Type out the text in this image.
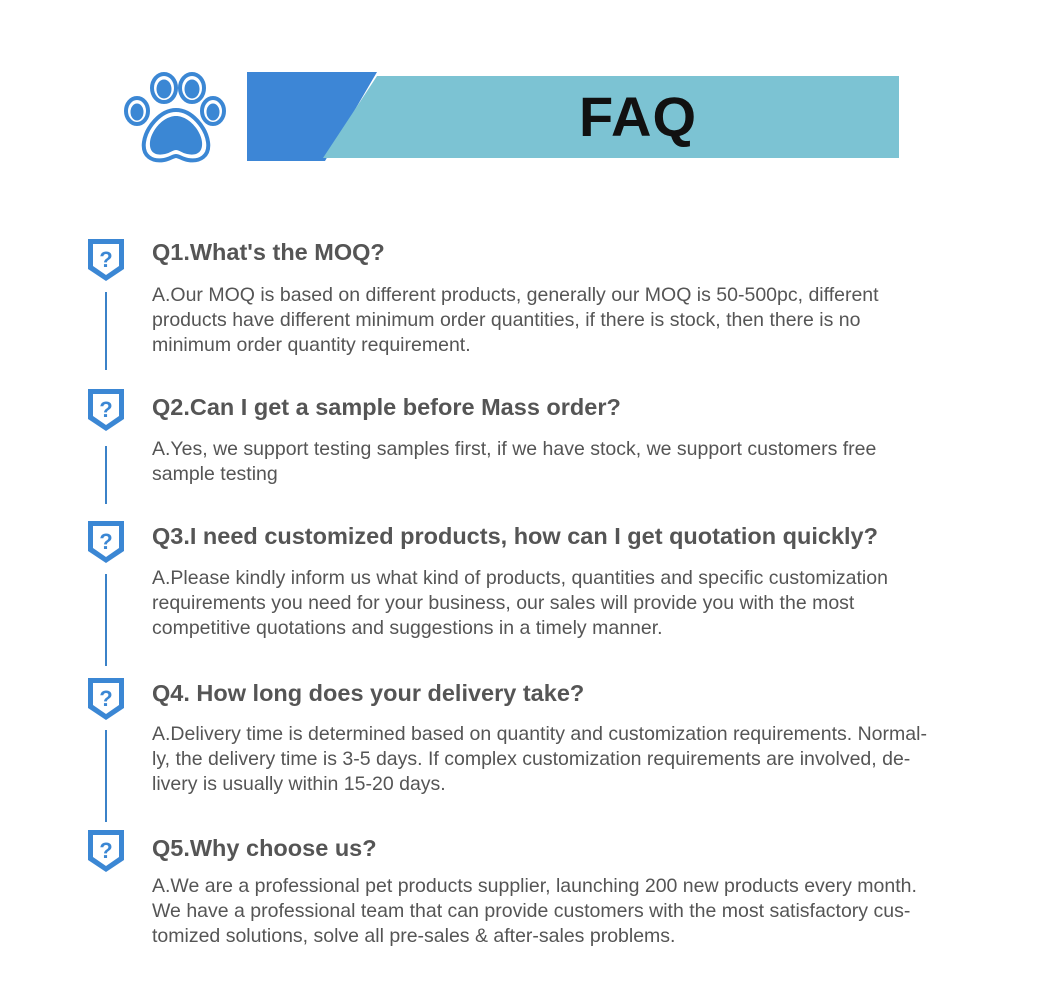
FAQ
? Q1.What's the MOQ?

A.Our MOQ is based on different products, generally our MOQ is 50-500pc, different
products have different minimum order quantities, if there is stock, then there is no
minimum order quantity requirement.

? Q2.Can I get a sample before Mass order?

A.Yes, we support testing samples first, if we have stock, we support customers free
sample testing

? Q3.I need customized products, how can I get quotation quickly?

A.Please kindly inform us what kind of products, quantities and specific customization
requirements you need for your business, our sales will provide you with the most
competitive quotations and suggestions in a timely manner.

? Q4. How long does your delivery take?

A.Delivery time is determined based on quantity and customization requirements. Normal-
ly, the delivery time is 3-5 days. If complex customization requirements are involved, de-
livery is usually within 15-20 days.

? Q5.Why choose us?

A.We are a professional pet products supplier, launching 200 new products every month.
We have a professional team that can provide customers with the most satisfactory cus-
tomized solutions, solve all pre-sales & after-sales problems.
